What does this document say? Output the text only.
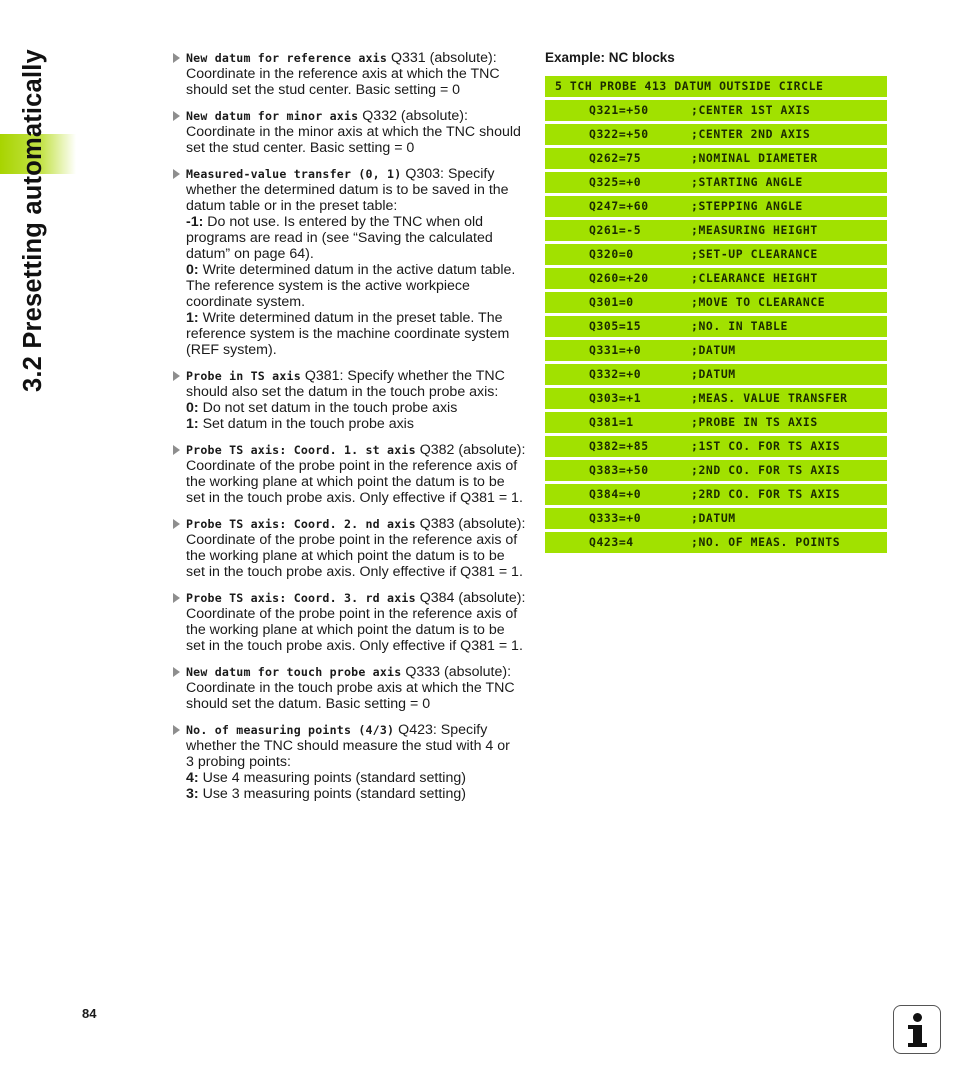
3.2 Presetting automatically	New datum for reference axis Q331 (absolute):
Coordinate in the reference axis at which the TNC
should set the stud center. Basic setting = 0
New datum for minor axis Q332 (absolute):
Coordinate in the minor axis at which the TNC should
set the stud center. Basic setting = 0
Measured-value transfer (0, 1) Q303: Specify
whether the determined datum is to be saved in the
datum table or in the preset table:
-1: Do not use. Is entered by the TNC when old
programs are read in (see “Saving the calculated
datum” on page 64).
0: Write determined datum in the active datum table.
The reference system is the active workpiece
coordinate system.
1: Write determined datum in the preset table. The
reference system is the machine coordinate system
(REF system).
Probe in TS axis Q381: Specify whether the TNC
should also set the datum in the touch probe axis:
0: Do not set datum in the touch probe axis
1: Set datum in the touch probe axis
Probe TS axis: Coord. 1. st axis Q382 (absolute):
Coordinate of the probe point in the reference axis of
the working plane at which point the datum is to be
set in the touch probe axis. Only effective if Q381 = 1.
Probe TS axis: Coord. 2. nd axis Q383 (absolute):
Coordinate of the probe point in the reference axis of
the working plane at which point the datum is to be
set in the touch probe axis. Only effective if Q381 = 1.
Probe TS axis: Coord. 3. rd axis Q384 (absolute):
Coordinate of the probe point in the reference axis of
the working plane at which point the datum is to be
set in the touch probe axis. Only effective if Q381 = 1.
New datum for touch probe axis Q333 (absolute):
Coordinate in the touch probe axis at which the TNC
should set the datum. Basic setting = 0
No. of measuring points (4/3) Q423: Specify
whether the TNC should measure the stud with 4 or
3 probing points:
4: Use 4 measuring points (standard setting)
3: Use 3 measuring points (standard setting)
Example: NC blocks
5 TCH PROBE 413 DATUM OUTSIDE CIRCLE
Q321=+50	;CENTER 1ST AXIS
Q322=+50	;CENTER 2ND AXIS
Q262=75	;NOMINAL DIAMETER
Q325=+0	;STARTING ANGLE
Q247=+60	;STEPPING ANGLE
Q261=-5	;MEASURING HEIGHT
Q320=0	;SET-UP CLEARANCE
Q260=+20	;CLEARANCE HEIGHT
Q301=0	;MOVE TO CLEARANCE
Q305=15	;NO. IN TABLE
Q331=+0	;DATUM
Q332=+0	;DATUM
Q303=+1	;MEAS. VALUE TRANSFER
Q381=1	;PROBE IN TS AXIS
Q382=+85	;1ST CO. FOR TS AXIS
Q383=+50	;2ND CO. FOR TS AXIS
Q384=+0	;2RD CO. FOR TS AXIS
Q333=+0	;DATUM
Q423=4	;NO. OF MEAS. POINTS
84
